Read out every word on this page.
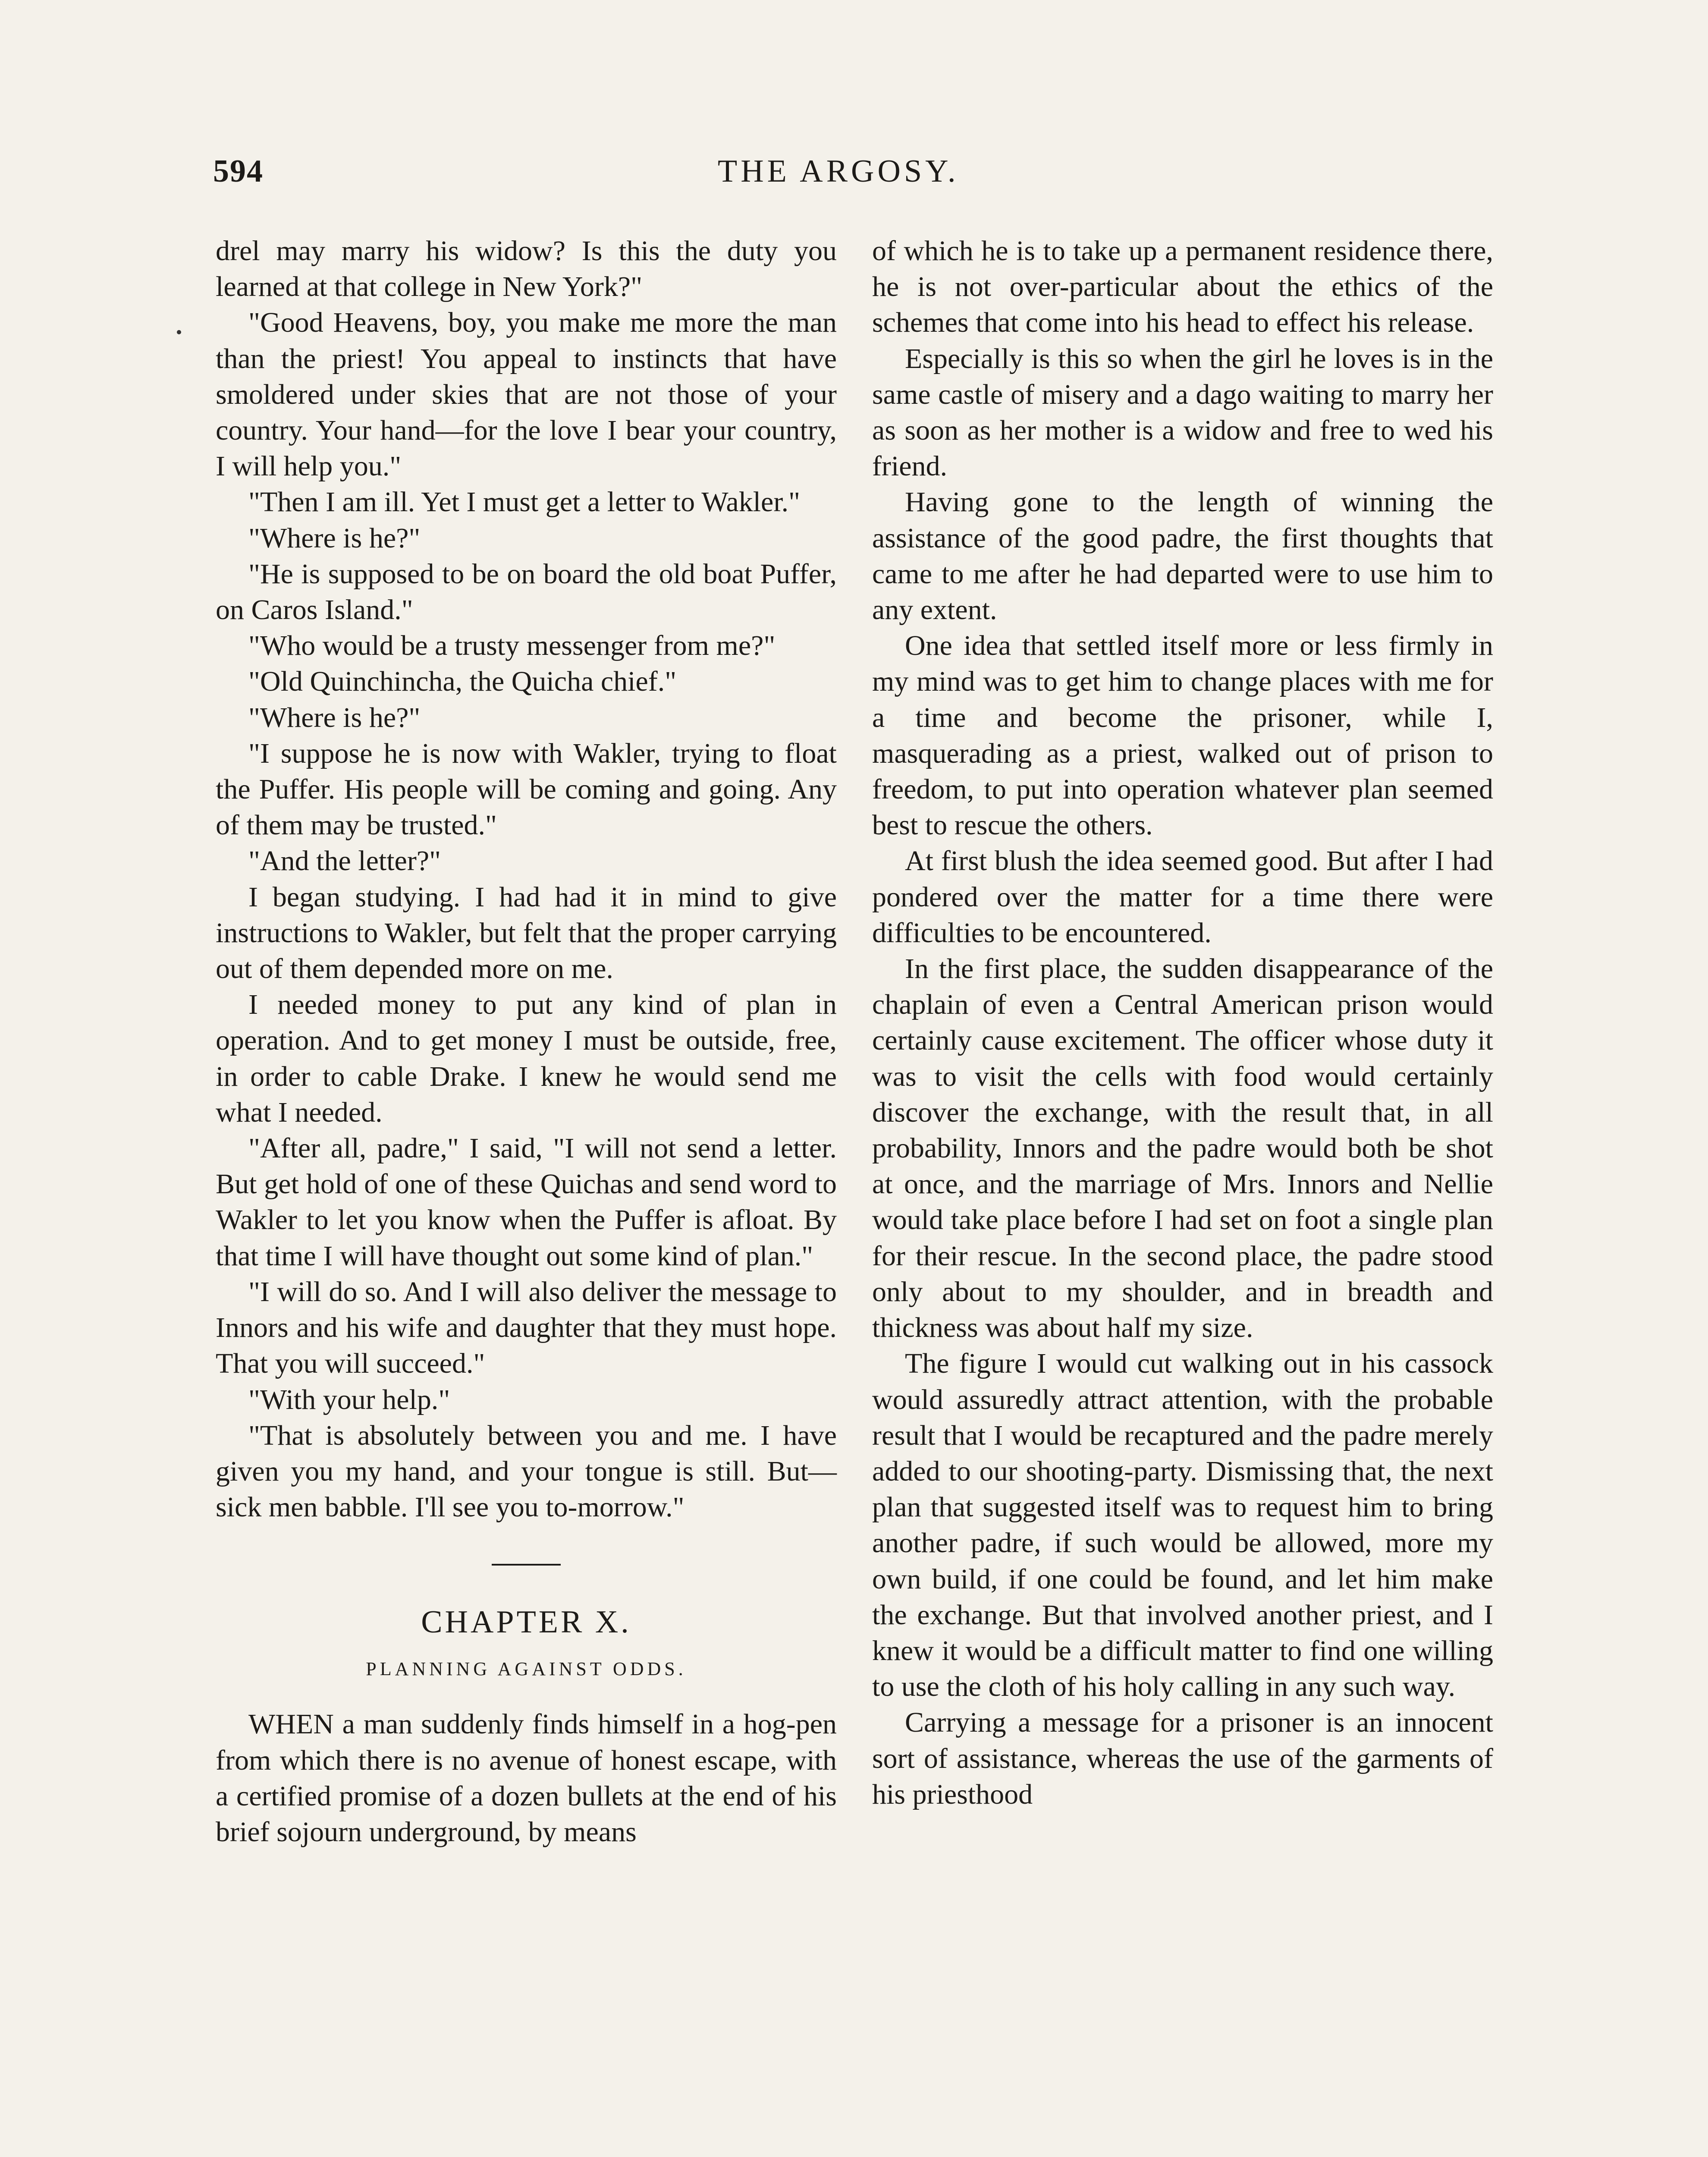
594	THE ARGOSY.

drel may marry his widow? Is this the duty you learned at that college in New York?"

"Good Heavens, boy, you make me more the man than the priest! You appeal to instincts that have smoldered under skies that are not those of your country. Your hand—for the love I bear your country, I will help you."

"Then I am ill. Yet I must get a letter to Wakler."

"Where is he?"

"He is supposed to be on board the old boat Puffer, on Caros Island."

"Who would be a trusty messenger from me?"

"Old Quinchincha, the Quicha chief."

"Where is he?"

"I suppose he is now with Wakler, trying to float the Puffer. His people will be coming and going. Any of them may be trusted."

"And the letter?"

I began studying. I had had it in mind to give instructions to Wakler, but felt that the proper carrying out of them depended more on me.

I needed money to put any kind of plan in operation. And to get money I must be outside, free, in order to cable Drake. I knew he would send me what I needed.

"After all, padre," I said, "I will not send a letter. But get hold of one of these Quichas and send word to Wakler to let you know when the Puffer is afloat. By that time I will have thought out some kind of plan."

"I will do so. And I will also deliver the message to Innors and his wife and daughter that they must hope. That you will succeed."

"With your help."

"That is absolutely between you and me. I have given you my hand, and your tongue is still. But—sick men babble. I'll see you to-morrow."

CHAPTER X.
PLANNING AGAINST ODDS.

WHEN a man suddenly finds himself in a hog-pen from which there is no avenue of honest escape, with a certified promise of a dozen bullets at the end of his brief sojourn underground, by means

of which he is to take up a permanent residence there, he is not over-particular about the ethics of the schemes that come into his head to effect his release.

Especially is this so when the girl he loves is in the same castle of misery and a dago waiting to marry her as soon as her mother is a widow and free to wed his friend.

Having gone to the length of winning the assistance of the good padre, the first thoughts that came to me after he had departed were to use him to any extent.

One idea that settled itself more or less firmly in my mind was to get him to change places with me for a time and become the prisoner, while I, masquerading as a priest, walked out of prison to freedom, to put into operation whatever plan seemed best to rescue the others.

At first blush the idea seemed good. But after I had pondered over the matter for a time there were difficulties to be encountered.

In the first place, the sudden disappearance of the chaplain of even a Central American prison would certainly cause excitement. The officer whose duty it was to visit the cells with food would certainly discover the exchange, with the result that, in all probability, Innors and the padre would both be shot at once, and the marriage of Mrs. Innors and Nellie would take place before I had set on foot a single plan for their rescue. In the second place, the padre stood only about to my shoulder, and in breadth and thickness was about half my size.

The figure I would cut walking out in his cassock would assuredly attract attention, with the probable result that I would be recaptured and the padre merely added to our shooting-party. Dismissing that, the next plan that suggested itself was to request him to bring another padre, if such would be allowed, more my own build, if one could be found, and let him make the exchange. But that involved another priest, and I knew it would be a difficult matter to find one willing to use the cloth of his holy calling in any such way.

Carrying a message for a prisoner is an innocent sort of assistance, whereas the use of the garments of his priesthood
